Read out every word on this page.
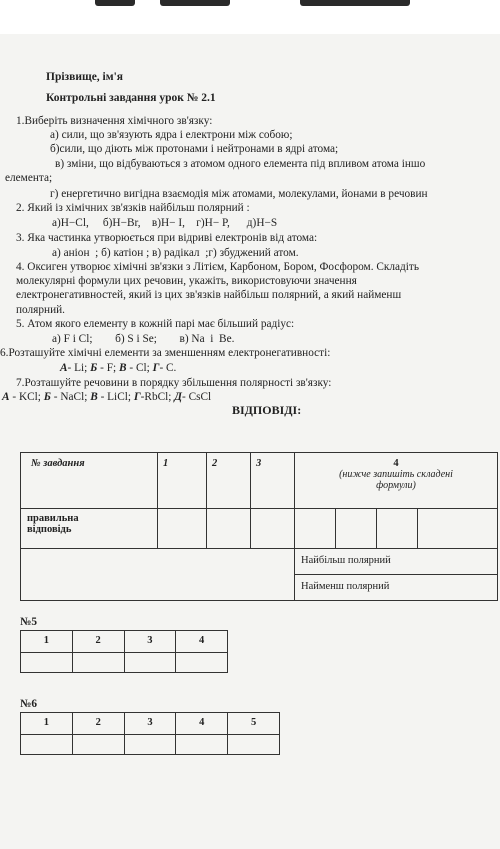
Прізвище, ім'я
Контрольні завдання урок № 2.1
1.Виберіть визначення хімічного зв'язку:
а) сили, що зв'язують ядра і електрони між собою;
б)сили, що діють між протонами і нейтронами в ядрі атома;
в) зміни, що відбуваються з атомом одного елемента під впливом атома іншо
елемента;
г) енергетично вигідна взаємодія між атомами, молекулами, йонами в речовин
2. Який із хімічних зв'язків найбільш полярний :
а)H−Cl,     б)H−Br,    в)H− I,    г)H− P,      д)H−S
3. Яка частинка утворюється при відриві електронів від атома:
а) аніон  ; б) катіон ; в) радікал  ;г) збуджений атом.
4. Оксиген утворює хімічні зв'язки з Літієм, Карбоном, Бором, Фосфором. Складіть
молекулярні формули цих речовин, укажіть, використовуючи значення
електронегативностей, який із цих зв'язків найбільш полярний, а який найменш
полярний.
5. Атом якого елементу в кожній парі має більший радіус:
а) F і Cl;        б) S і Se;        в) Na  і  Be.
6.Розташуйте хімічні елементи за зменшенням електронегативності:
А- Li; Б - F; В - Cl; Г- C.
7.Розташуйте речовини в порядку збільшення полярності зв'язку:
А - KCl; Б - NaCl; В - LiCl; Г-RbCl; Д- CsCl
ВІДПОВІДІ:
№ завдання	1	2	3	4
(нижче запишіть складені
формули)			

правильна
відповідь							

				Найбільш полярний			
				Найменш полярний			
№5
1	2	3	4

№6
1	2	3	4	5
